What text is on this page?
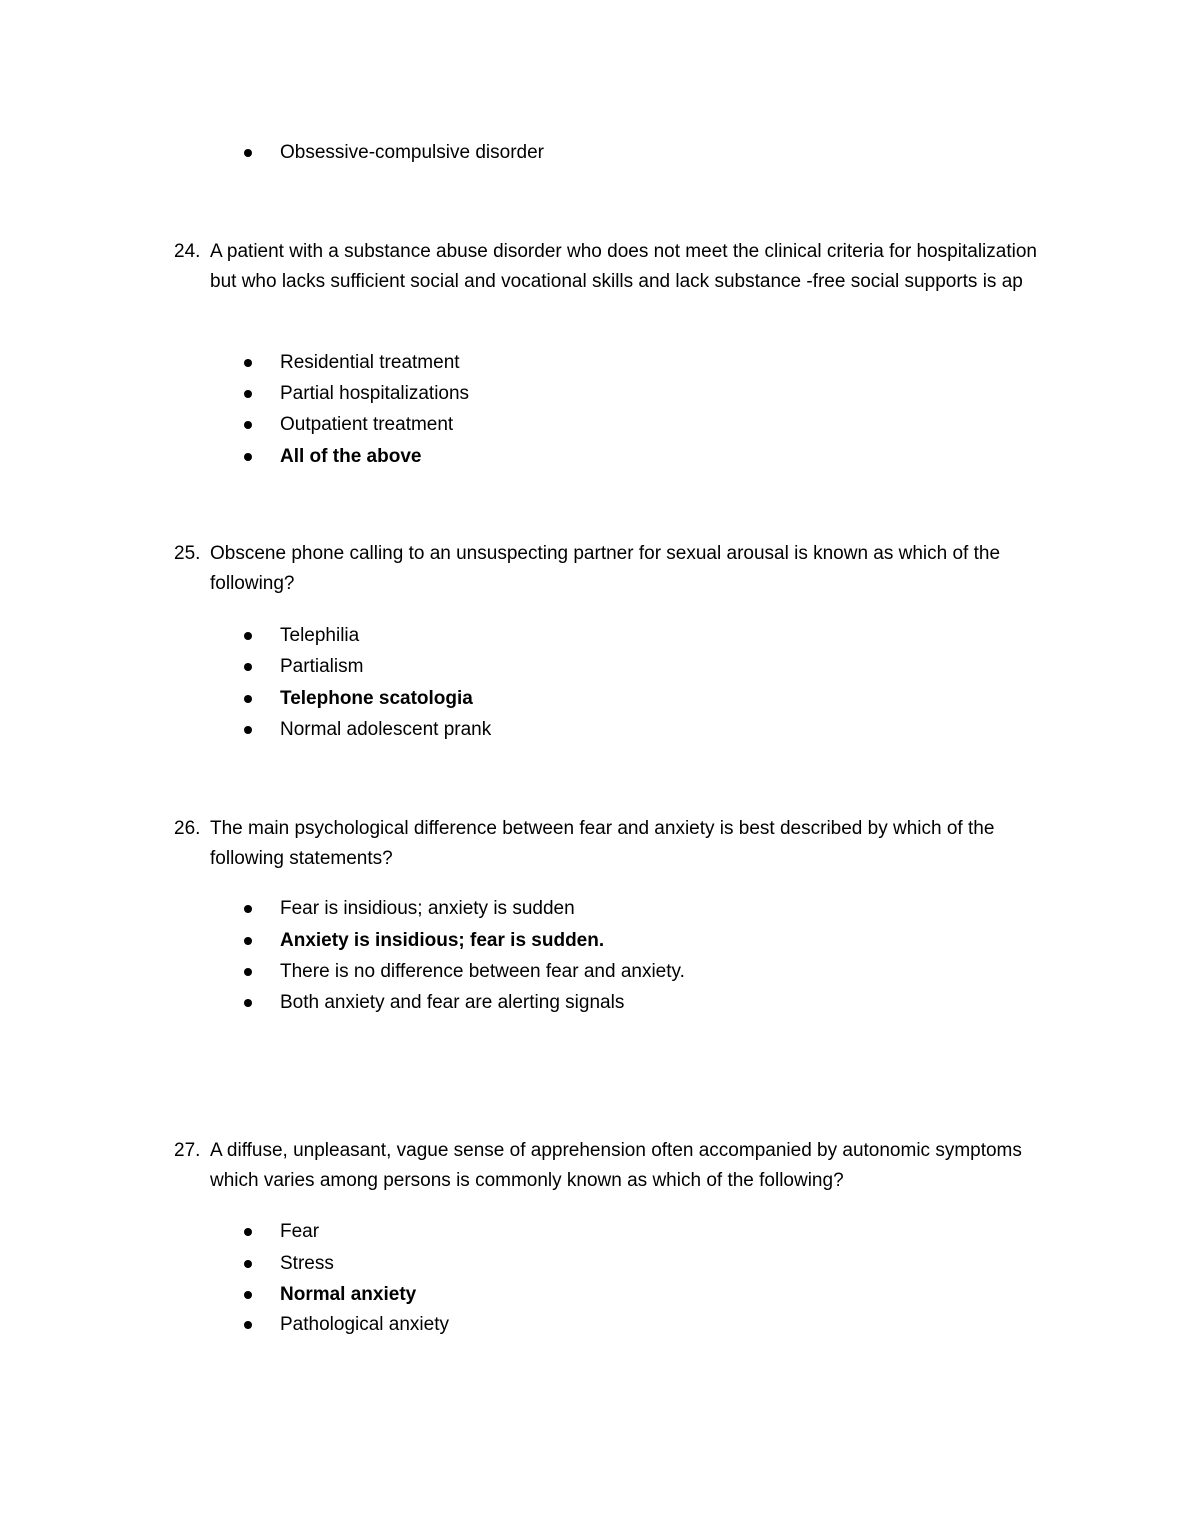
Obsessive-compulsive disorder
24. A patient with a substance abuse disorder who does not meet the clinical criteria for hospitalization but who lacks sufficient social and vocational skills and lack substance -free social supports is ap
Residential treatment
Partial hospitalizations
Outpatient treatment
All of the above
25. Obscene phone calling to an unsuspecting partner for sexual arousal is known as which of the following?
Telephilia
Partialism
Telephone scatologia
Normal adolescent prank
26. The main psychological difference between fear and anxiety is best described by which of the following statements?
Fear is insidious; anxiety is sudden
Anxiety is insidious; fear is sudden.
There is no difference between fear and anxiety.
Both anxiety and fear are alerting signals
27. A diffuse, unpleasant, vague sense of apprehension often accompanied by autonomic symptoms which varies among persons is commonly known as which of the following?
Fear
Stress
Normal anxiety
Pathological anxiety
